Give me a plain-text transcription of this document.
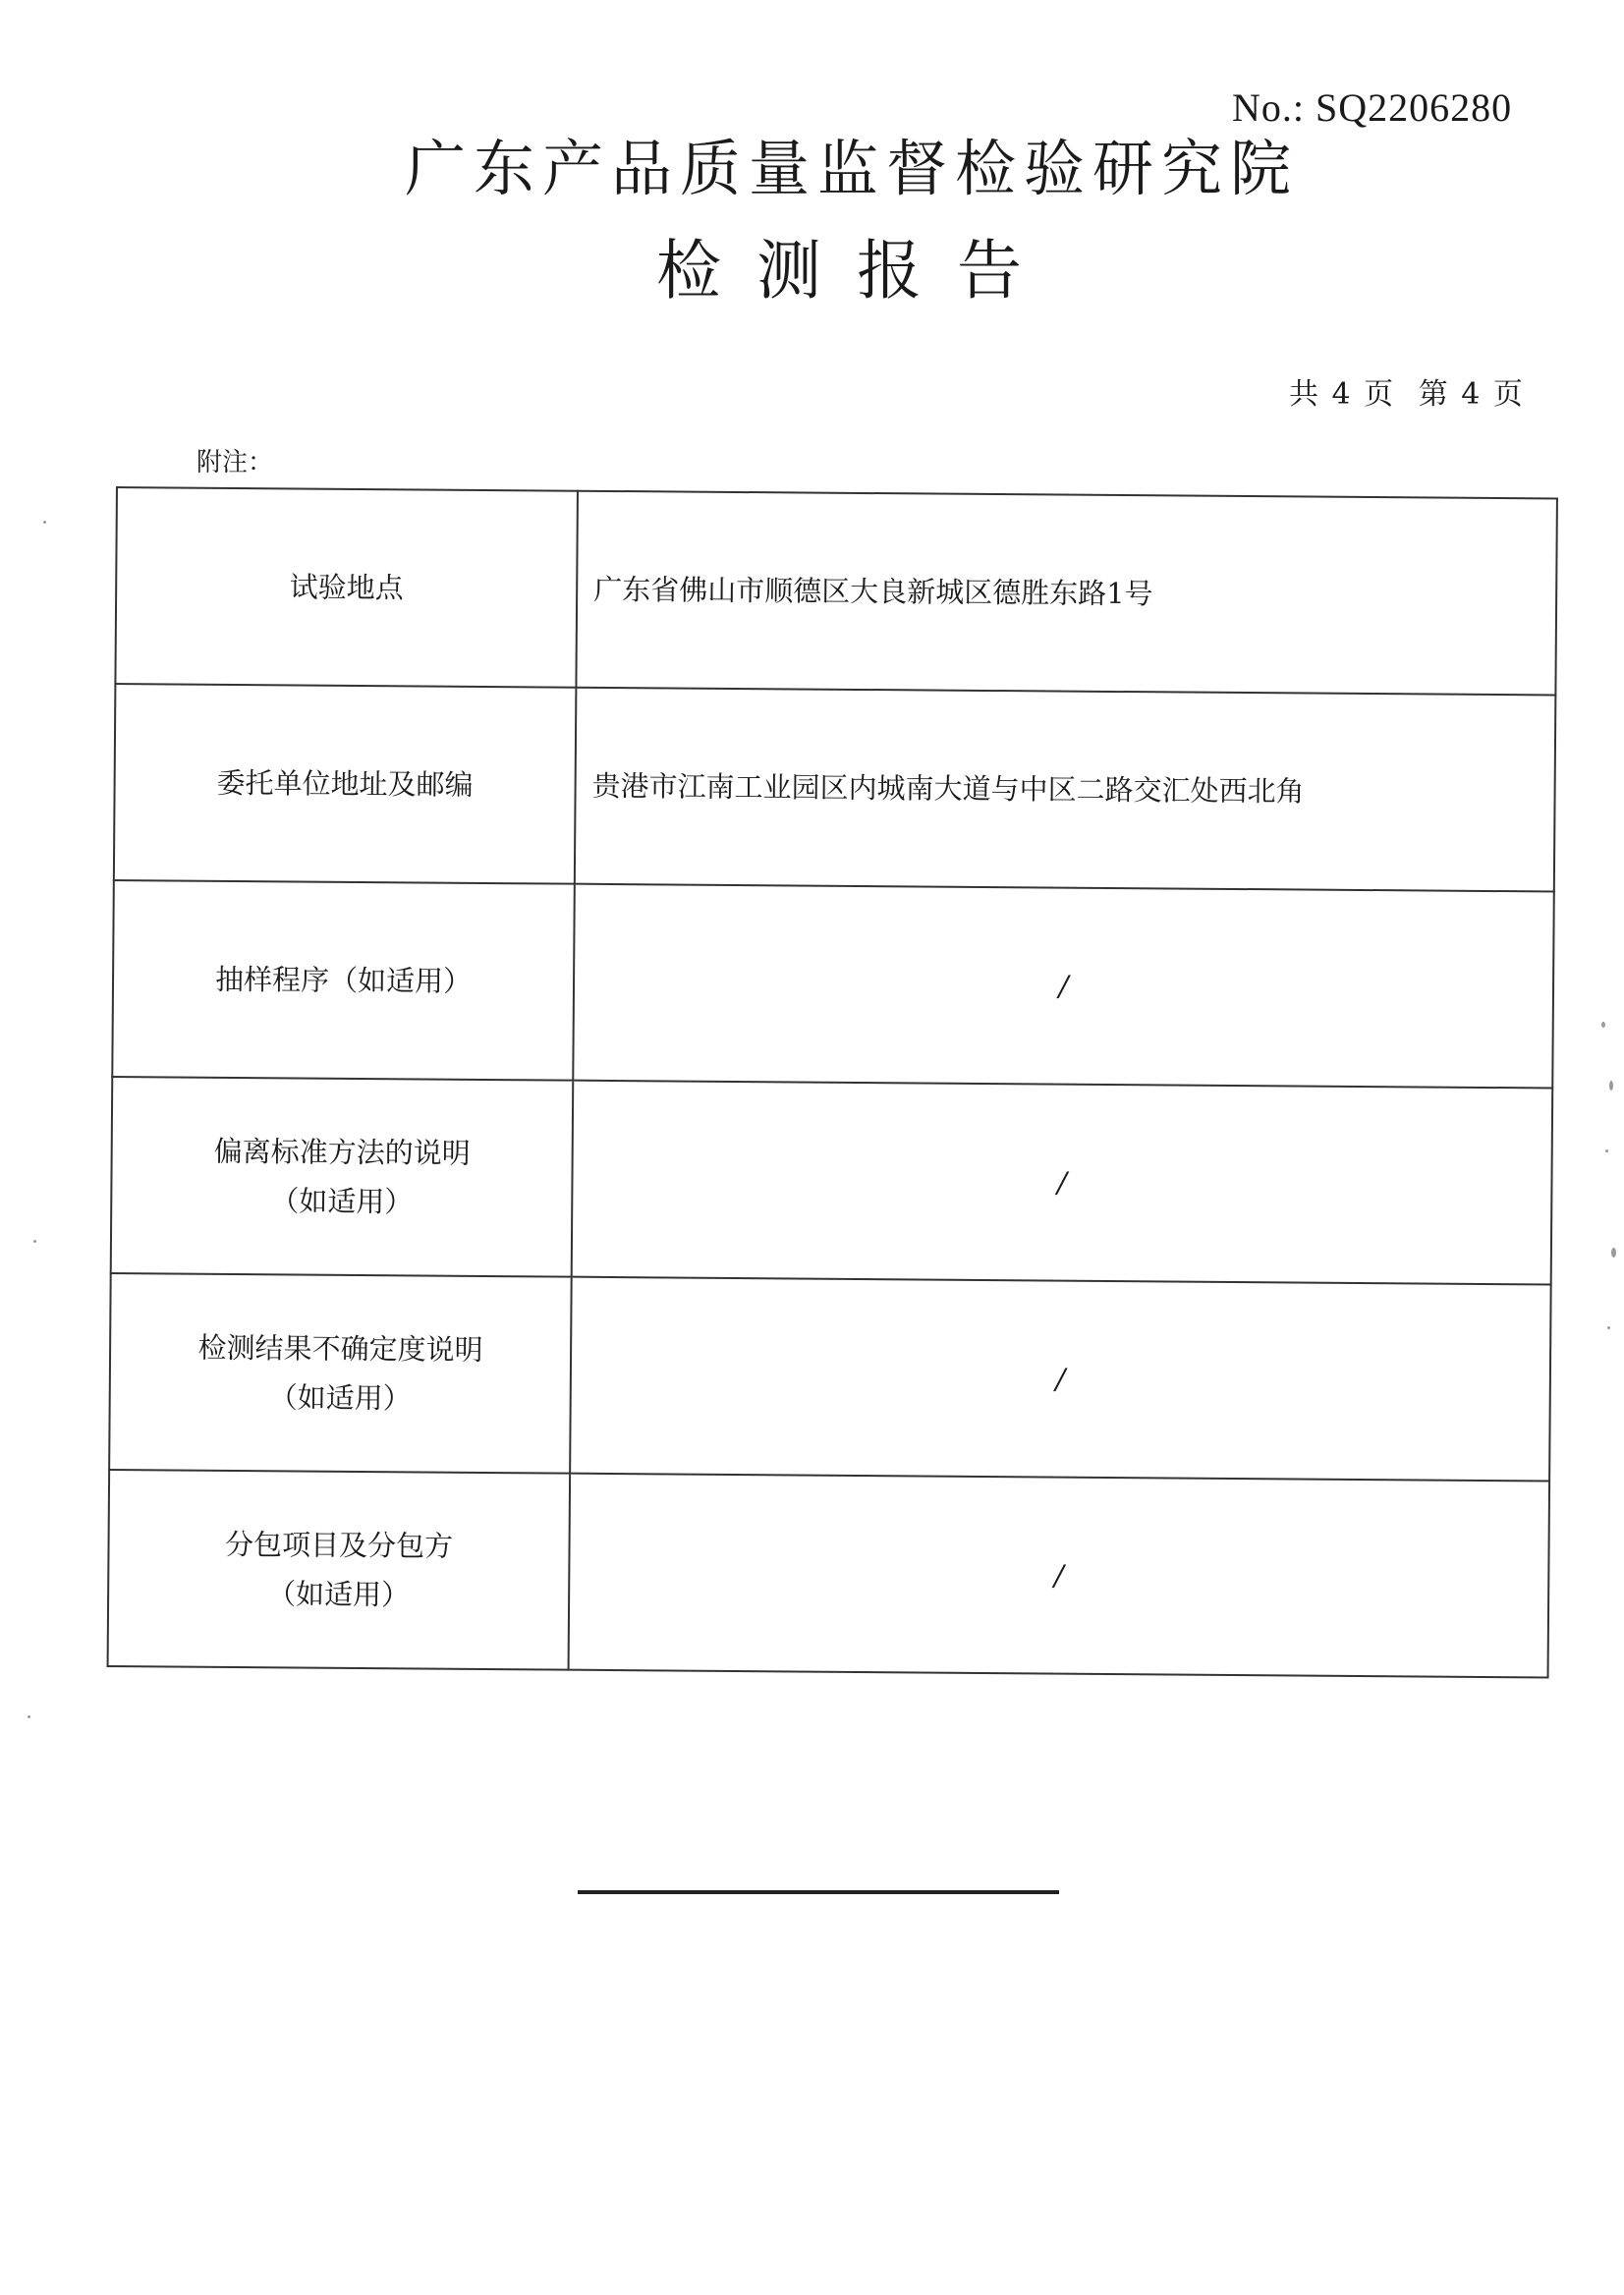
No.: SQ2206280
广东产品质量监督检验研究院
检测报告
共 4 页 第 4 页
附注：
试验地点	广东省佛山市顺德区大良新城区德胜东路1号

委托单位地址及邮编	贵港市江南工业园区内城南大道与中区二路交汇处西北角

抽样程序（如适用）	/

偏离标准方法的说明
（如适用）	/

检测结果不确定度说明
（如适用）	/

分包项目及分包方
（如适用）	/
